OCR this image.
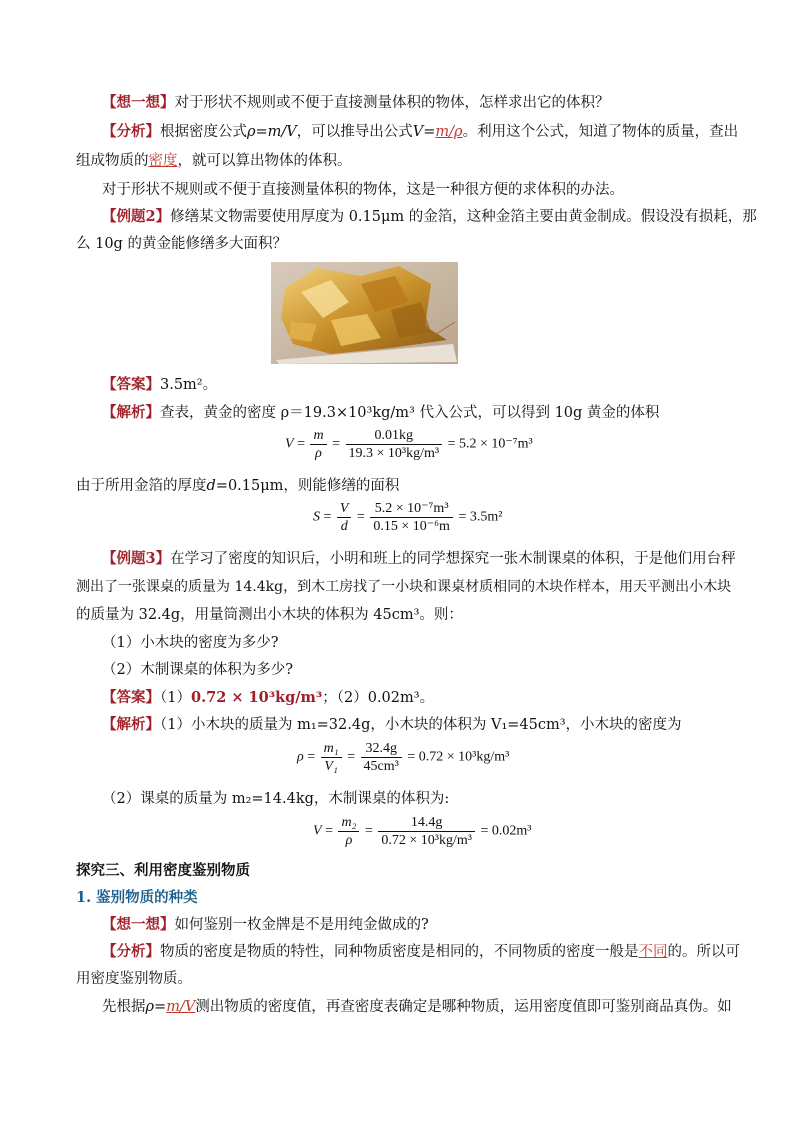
【想一想】对于形状不规则或不便于直接测量体积的物体，怎样求出它的体积？
【分析】根据密度公式ρ=m/V，可以推导出公式V=m/ρ。利用这个公式，知道了物体的质量，查出
组成物质的密度，就可以算出物体的体积。
对于形状不规则或不便于直接测量体积的物体，这是一种很方便的求体积的办法。
【例题2】修缮某文物需要使用厚度为 0.15μm 的金箔，这种金箔主要由黄金制成。假设没有损耗，那
么 10g 的黄金能修缮多大面积？
【答案】3.5m²。
【解析】查表，黄金的密度 ρ＝19.3×10³kg/m³ 代入公式，可以得到 10g 黄金的体积
$V = \frac{m}{\rho} = \frac{0.01kg}{\text{19.3 × 10³kg/m³}} = 5.2 \times 10^{-7}m^3$
由于所用金箔的厚度d=0.15μm，则能修缮的面积
$S = \frac{V}{d} = \frac{\text{5.2 × 10⁻⁷m³}}{\text{0.15 × 10⁻⁶m}} = 3.5m^2$
【例题3】在学习了密度的知识后，小明和班上的同学想探究一张木制课桌的体积，于是他们用台秤
测出了一张课桌的质量为 14.4kg，到木工房找了一小块和课桌材质相同的木块作样本，用天平测出小木块
的质量为 32.4g，用量筒测出小木块的体积为 45cm³。则：
（1）小木块的密度为多少?
（2）木制课桌的体积为多少?
【答案】（1）0.72 × 10³kg/m³；（2）0.02m³。
【解析】（1）小木块的质量为 m₁=32.4g，小木块的体积为 V₁=45cm³，小木块的密度为
$\rho = \frac{\text{m₁}}{\text{V₁}} = \frac{32.4g}{\text{45cm³}} = 0.72 \times 10^3kg/m^3$
（2）课桌的质量为 m₂=14.4kg，木制课桌的体积为:
$V = \frac{\text{m₂}}{\rho} = \frac{14.4g}{\text{0.72 × 10³kg/m³}} = 0.02m^3$
探究三、利用密度鉴别物质
1. 鉴别物质的种类
【想一想】如何鉴别一枚金牌是不是用纯金做成的?
【分析】物质的密度是物质的特性，同种物质密度是相同的，不同物质的密度一般是不同的。所以可
用密度鉴别物质。
先根据ρ=m/V测出物质的密度值，再查密度表确定是哪种物质，运用密度值即可鉴别商品真伪。如
